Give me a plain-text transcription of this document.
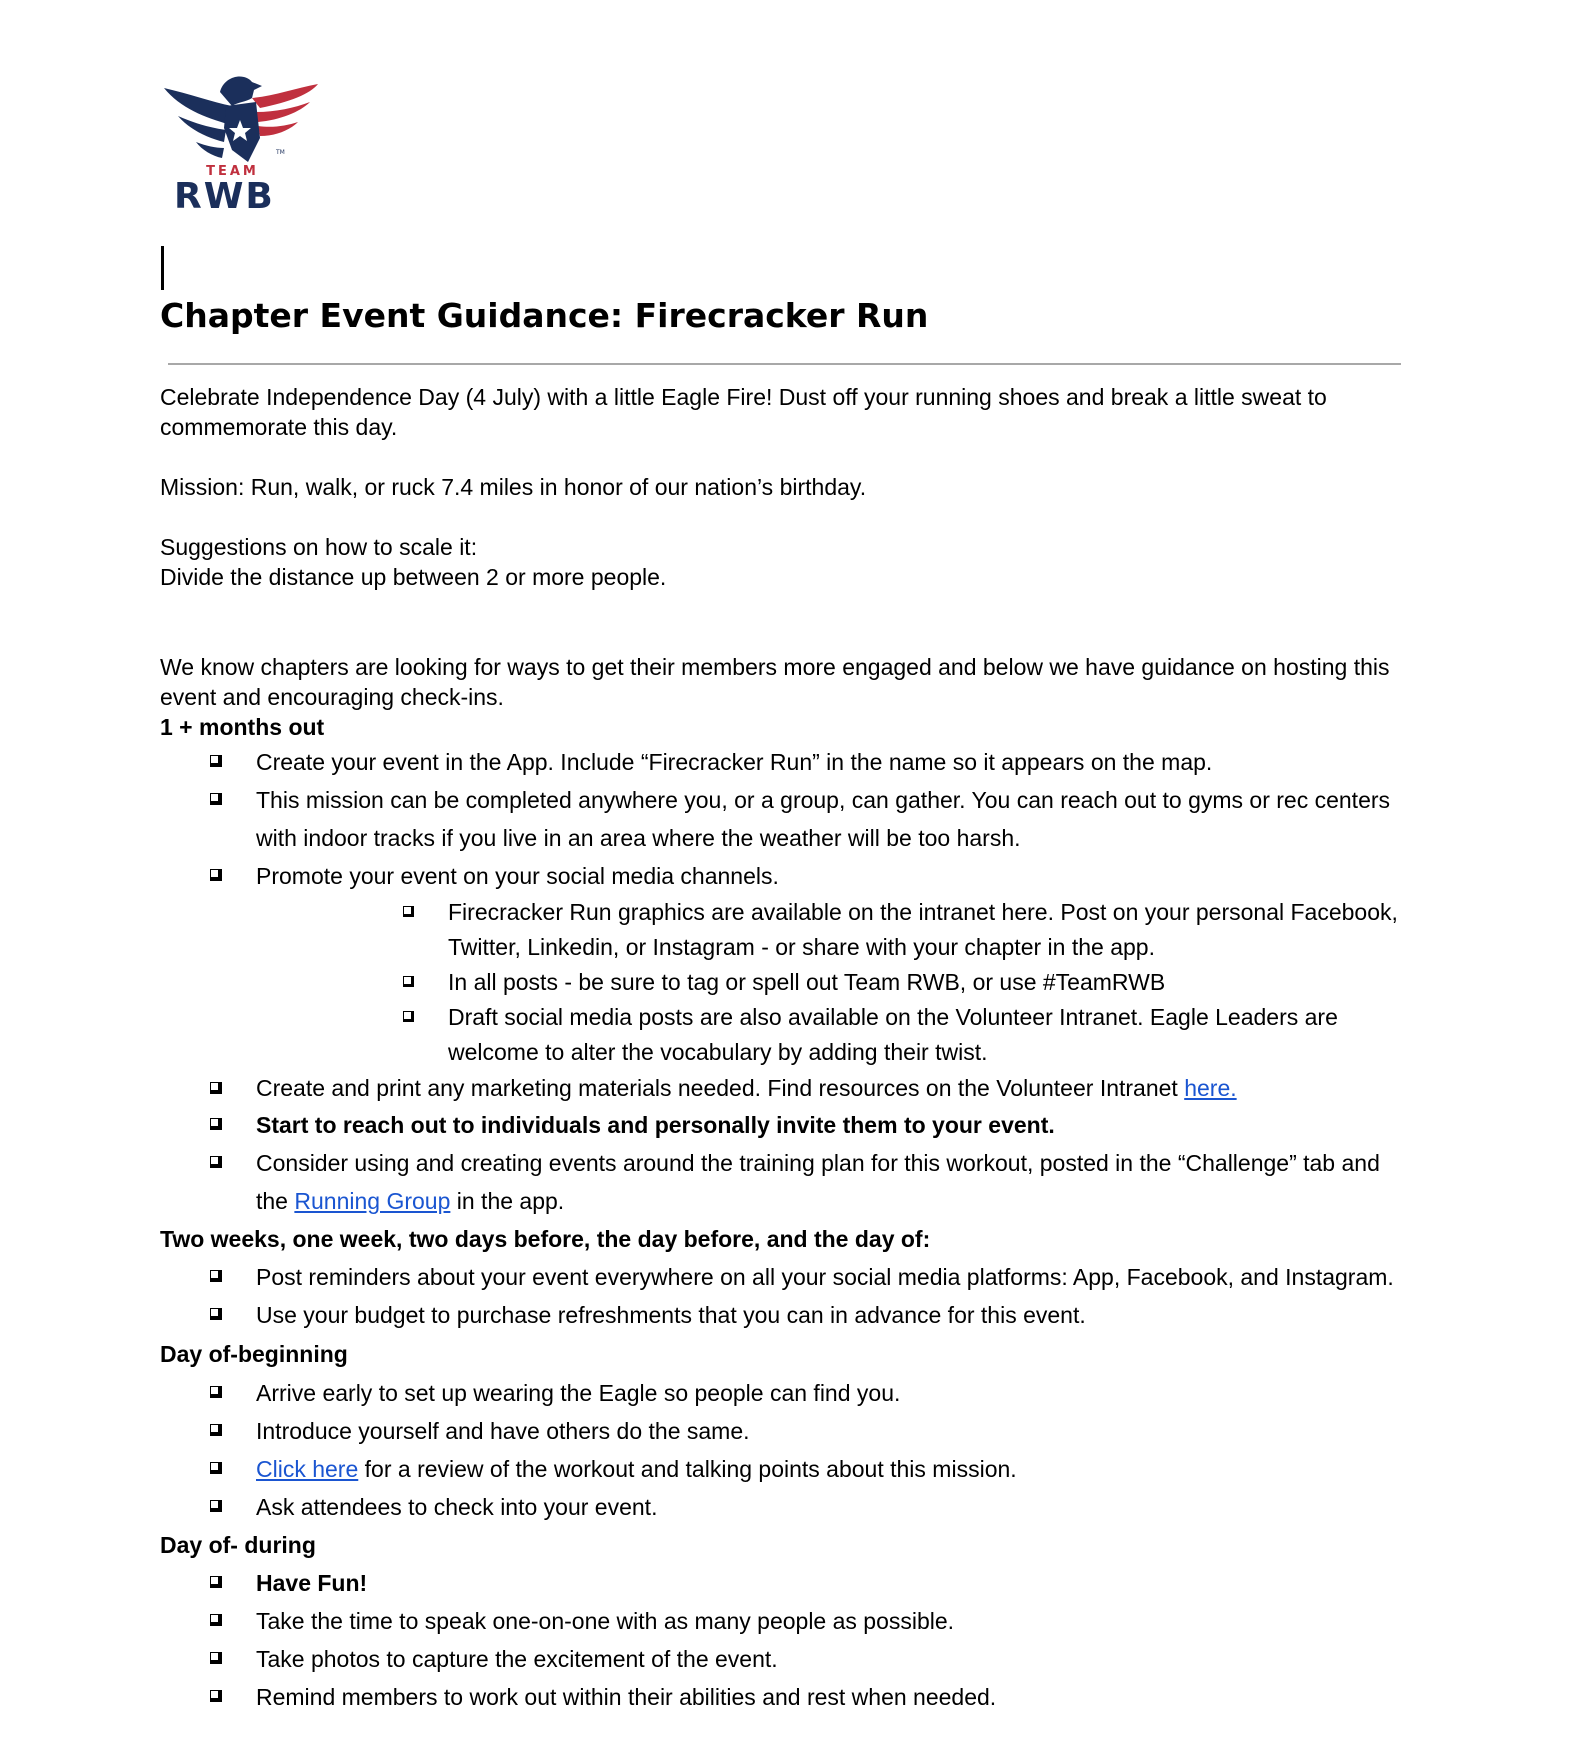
TM
TEAM
RWB
Chapter Event Guidance: Firecracker Run

Celebrate Independence Day (4 July) with a little Eagle Fire! Dust off your running shoes and break a little sweat to commemorate this day.

Mission: Run, walk, or ruck 7.4 miles in honor of our nation’s birthday.

Suggestions on how to scale it:

Divide the distance up between 2 or more people.

We know chapters are looking for ways to get their members more engaged and below we have guidance on hosting this event and encouraging check-ins.

1 + months out

Create your event in the App. Include “Firecracker Run” in the name so it appears on the map.
This mission can be completed anywhere you, or a group, can gather. You can reach out to gyms or rec centers with indoor tracks if you live in an area where the weather will be too harsh.
Promote your event on your social media channels.
Firecracker Run graphics are available on the intranet here. Post on your personal Facebook, Twitter, Linkedin, or Instagram - or share with your chapter in the app.
In all posts - be sure to tag or spell out Team RWB, or use #TeamRWB
Draft social media posts are also available on the Volunteer Intranet. Eagle Leaders are welcome to alter the vocabulary by adding their twist.
Create and print any marketing materials needed. Find resources on the Volunteer Intranet here.
Start to reach out to individuals and personally invite them to your event.
Consider using and creating events around the training plan for this workout, posted in the “Challenge” tab and the Running Group in the app.

Two weeks, one week, two days before, the day before, and the day of:

Post reminders about your event everywhere on all your social media platforms: App, Facebook, and Instagram.
Use your budget to purchase refreshments that you can in advance for this event.

Day of-beginning

Arrive early to set up wearing the Eagle so people can find you.
Introduce yourself and have others do the same.
Click here for a review of the workout and talking points about this mission.
Ask attendees to check into your event.

Day of- during

Have Fun!
Take the time to speak one-on-one with as many people as possible.
Take photos to capture the excitement of the event.
Remind members to work out within their abilities and rest when needed.
